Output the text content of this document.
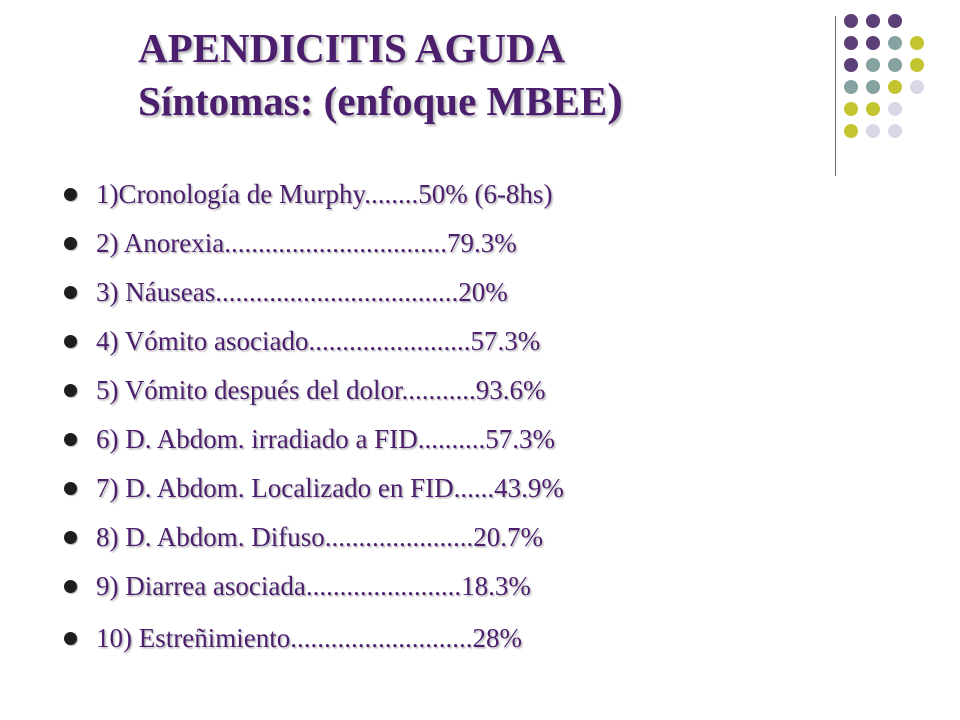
APENDICITIS AGUDA
Síntomas: (enfoque MBEE)
1)Cronología de Murphy........50% (6-8hs)
2) Anorexia.................................79.3%
3) Náuseas....................................20%
4) Vómito asociado........................57.3%
5) Vómito después del dolor...........93.6%
6) D. Abdom. irradiado a FID..........57.3%
7) D. Abdom. Localizado en FID......43.9%
8) D. Abdom. Difuso......................20.7%
9) Diarrea asociada.......................18.3%
10) Estreñimiento...........................28%
